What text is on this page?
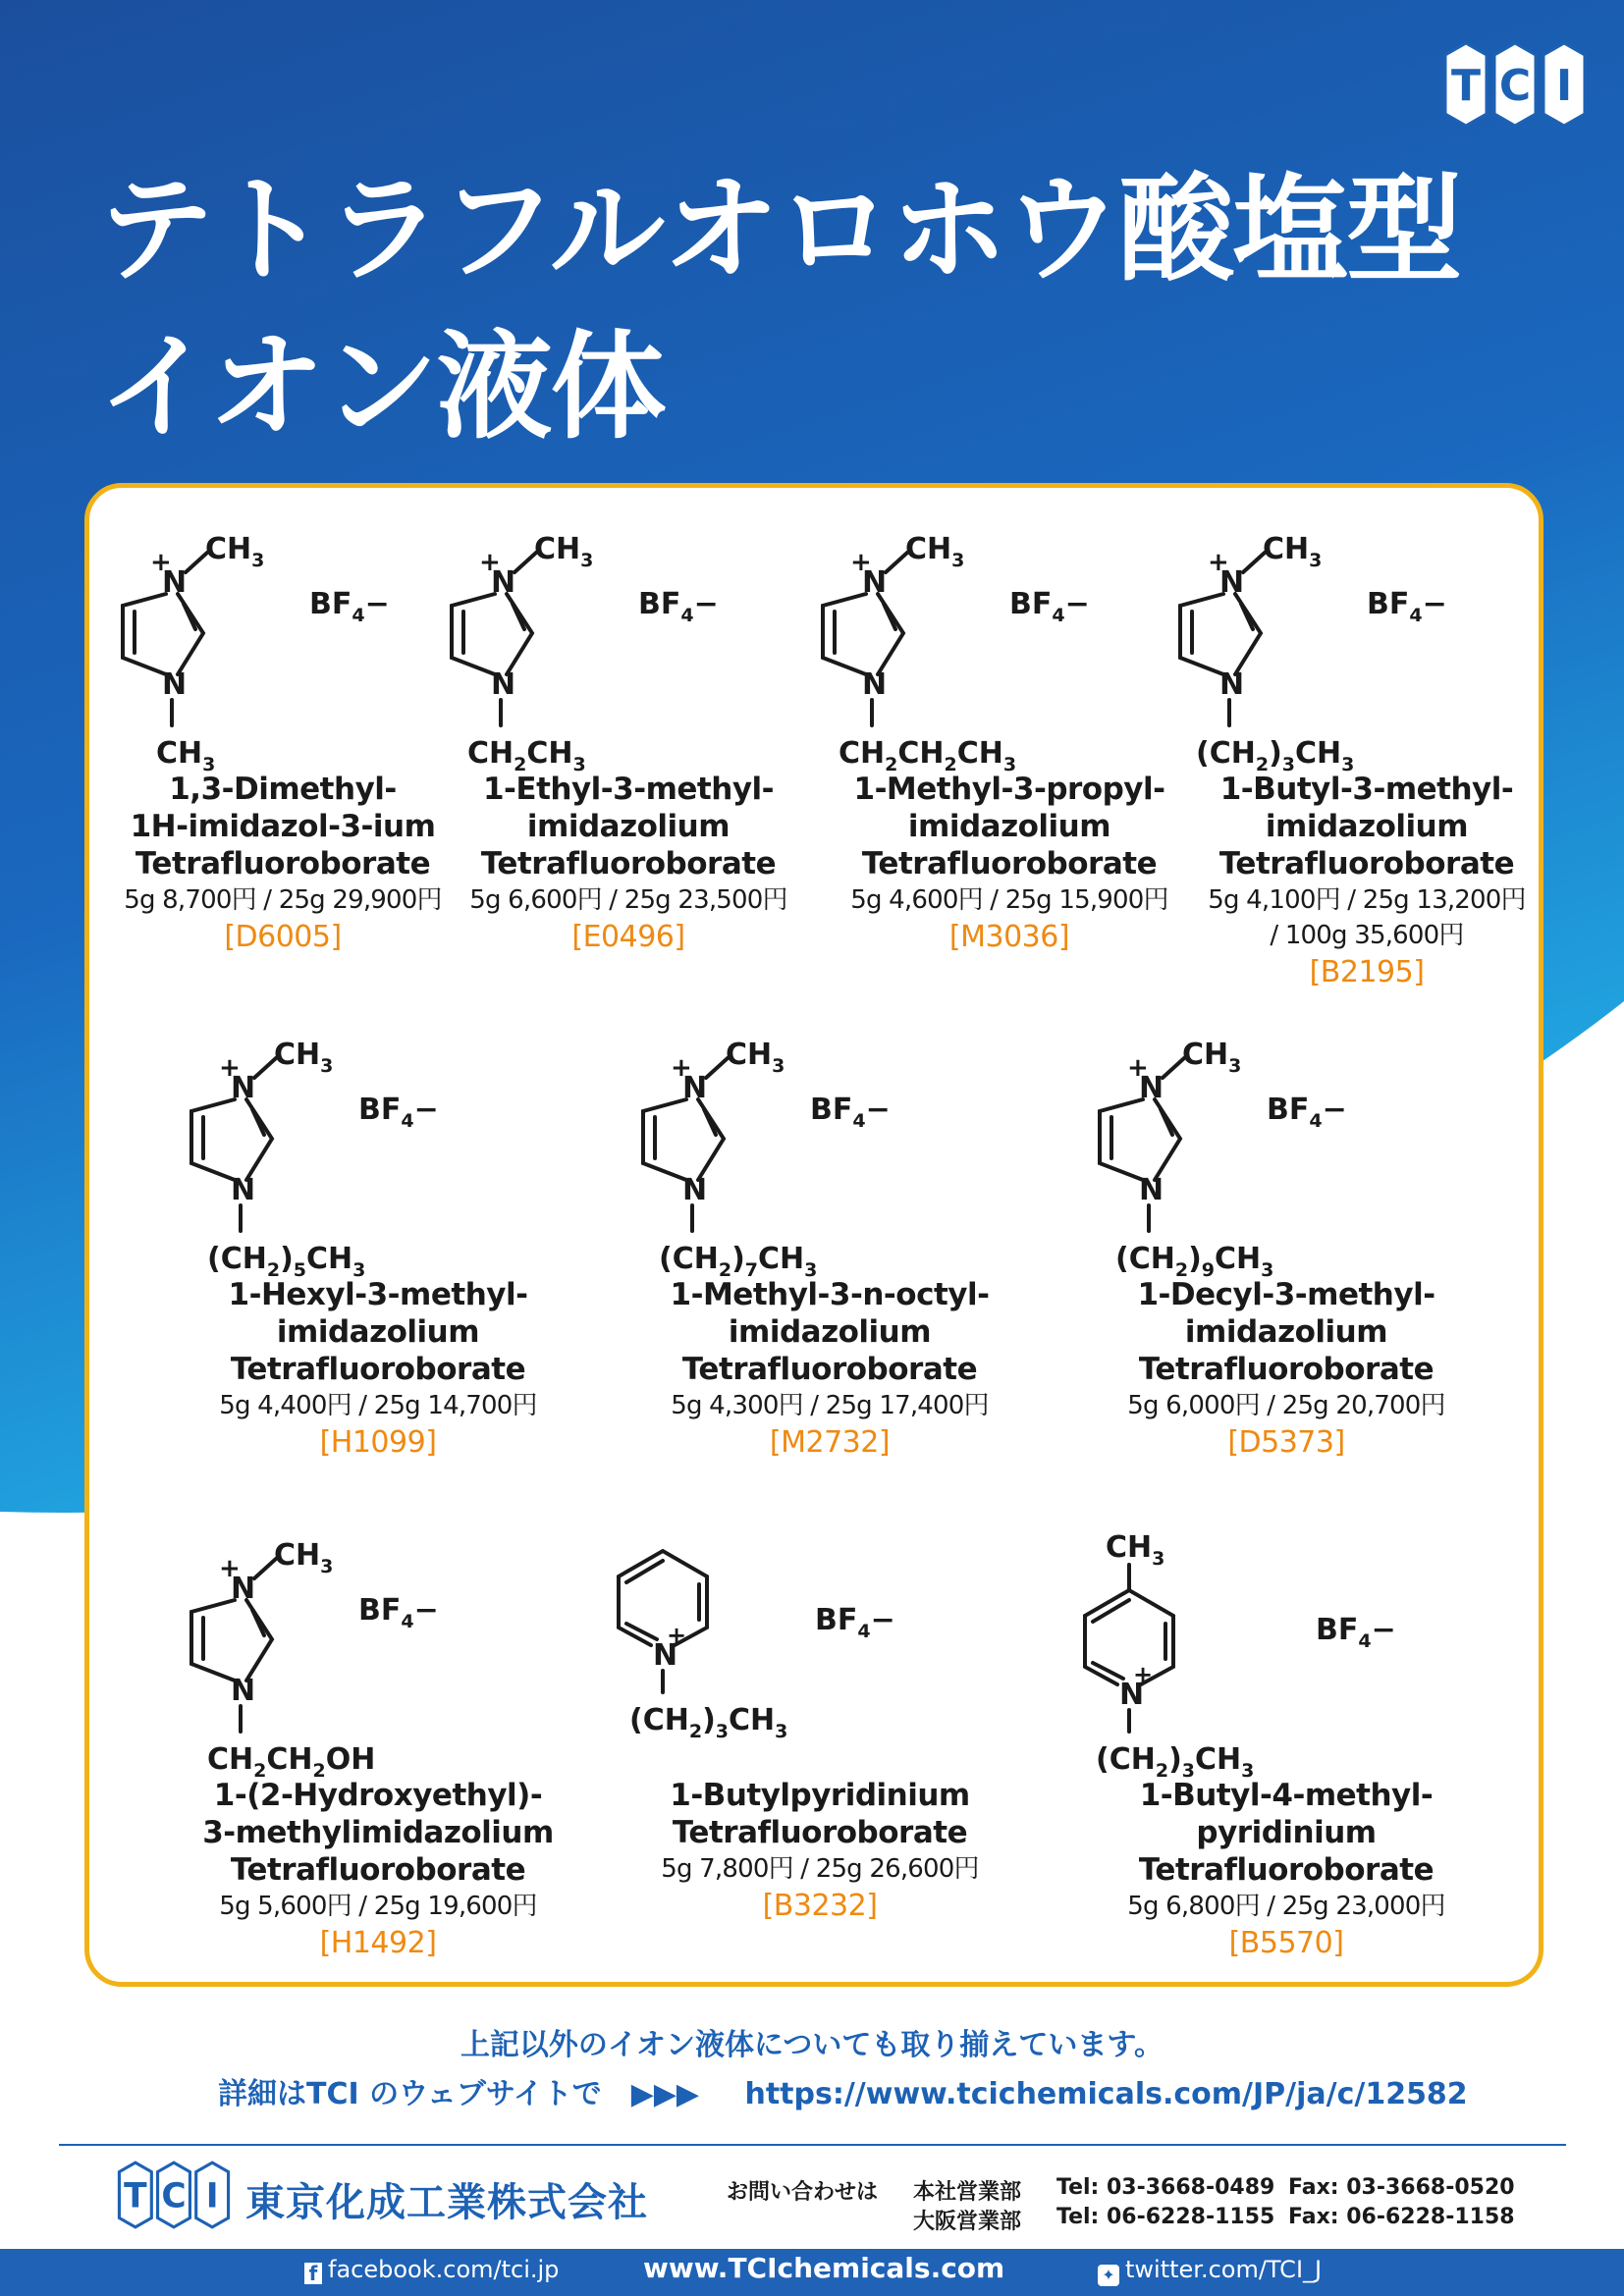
テトラフルオロホウ酸塩型
イオン液体
T C I
N
+ $CH_3$
N
$CH_3$
$BF_4-$
1,3-Dimethyl-
1H-imidazol-3-ium
Tetrafluoroborate
5g 8,700円 / 25g 29,900円
[D6005]
N
+ $CH_3$
N
$CH_2CH_3$
$BF_4-$
1-Ethyl-3-methyl-
imidazolium
Tetrafluoroborate
5g 6,600円 / 25g 23,500円
[E0496]
N
+ $CH_3$
N
$CH_2CH_2CH_3$
$BF_4-$
1-Methyl-3-propyl-
imidazolium
Tetrafluoroborate
5g 4,600円 / 25g 15,900円
[M3036]
N
+ $CH_3$
N
$(CH_2)_3CH_3$
$BF_4-$
1-Butyl-3-methyl-
imidazolium
Tetrafluoroborate
5g 4,100円 / 25g 13,200円
/ 100g 35,600円
[B2195]
N
+ $CH_3$
N
$(CH_2)_5CH_3$
$BF_4-$
1-Hexyl-3-methyl-
imidazolium
Tetrafluoroborate
5g 4,400円 / 25g 14,700円
[H1099]
N
+ $CH_3$
N
$(CH_2)_7CH_3$
$BF_4-$
1-Methyl-3-n-octyl-
imidazolium
Tetrafluoroborate
5g 4,300円 / 25g 17,400円
[M2732]
N
+ $CH_3$
N
$(CH_2)_9CH_3$
$BF_4-$
1-Decyl-3-methyl-
imidazolium
Tetrafluoroborate
5g 6,000円 / 25g 20,700円
[D5373]
N
+ $CH_3$
N
$CH_2CH_2OH$
$BF_4-$
1-(2-Hydroxyethyl)-
3-methylimidazolium
Tetrafluoroborate
5g 5,600円 / 25g 19,600円
[H1492]
N
+
$(CH_2)_3CH_3$
$BF_4-$
1-Butylpyridinium
Tetrafluoroborate
5g 7,800円 / 25g 26,600円
[B3232]
N
+
$(CH_2)_3CH_3$
$CH_3$
$BF_4-$
1-Butyl-4-methyl-
pyridinium
Tetrafluoroborate
5g 6,800円 / 25g 23,000円
[B5570]
上記以外のイオン液体についても取り揃えています。
詳細はTCI のウェブサイトで　▶▶▶ https://www.tcichemicals.com/JP/ja/c/12582
T C I 東京化成工業株式会社	お問い合わせは 本社営業部 Tel: 03-3668-0489 Fax: 03-3668-0520
大阪営業部 Tel: 06-6228-1155 Fax: 06-6228-1158
f facebook.com/tci.jp	www.TCIchemicals.com	✦ twitter.com/TCI_J
